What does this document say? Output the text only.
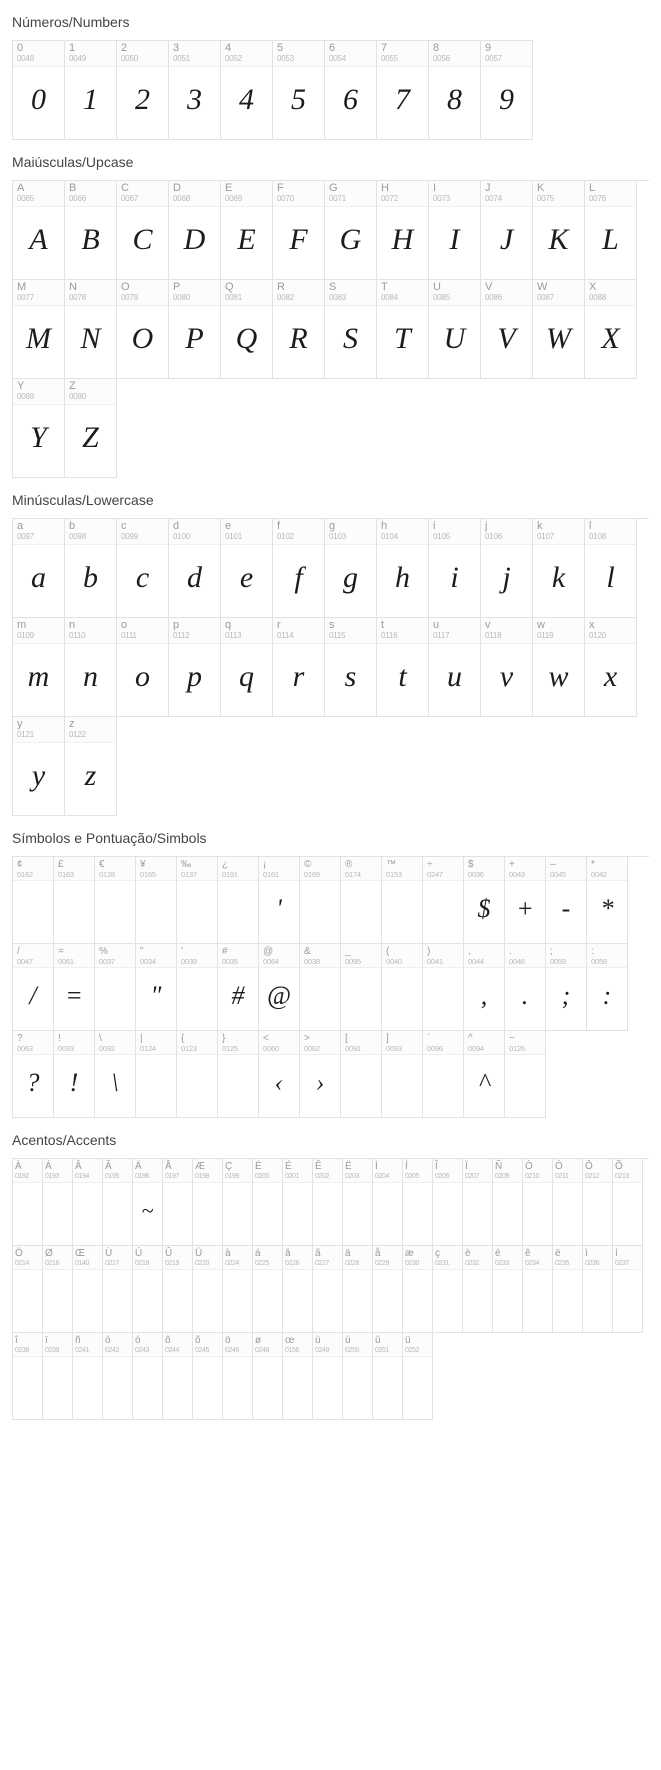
Números/Numbers
0
0048
0
1
0049
1
2
0050
2
3
0051
3
4
0052
4
5
0053
5
6
0054
6
7
0055
7
8
0056
8
9
0057
9
Maiúsculas/Upcase
A
0065
A
B
0066
B
C
0067
C
D
0068
D
E
0069
E
F
0070
F
G
0071
G
H
0072
H
I
0073
I
J
0074
J
K
0075
K
L
0076
L
M
0077
M
N
0078
N
O
0079
O
P
0080
P
Q
0081
Q
R
0082
R
S
0083
S
T
0084
T
U
0085
U
V
0086
V
W
0087
W
X
0088
X
Y
0089
Y
Z
0090
Z
Minúsculas/Lowercase
a
0097
a
b
0098
b
c
0099
c
d
0100
d
e
0101
e
f
0102
f
g
0103
g
h
0104
h
i
0105
i
j
0106
j
k
0107
k
l
0108
l
m
0109
m
n
0110
n
o
0111
o
p
0112
p
q
0113
q
r
0114
r
s
0115
s
t
0116
t
u
0117
u
v
0118
v
w
0119
w
x
0120
x
y
0121
y
z
0122
z
Símbolos e Pontuação/Simbols
¢
0162
£
0163
€
0128
¥
0165
‰
0137
¿
0191
¡
0161
'
©
0169
®
0174
™
0153
÷
0247
$
0036
$
+
0043
+
–
0045
-
*
0042
*
/
0047
/
=
0061
=
%
0037
"
0034
"
'
0039
#
0035
#
@
0064
@
&
0038
_
0095
(
0040
)
0041
,
0044
,
.
0046
.
;
0059
;
:
0058
:
?
0063
?
!
0033
!
\
0092
\
|
0124
{
0123
}
0125
<
0060
‹
>
0062
›
[
0091
]
0093
`
0096
^
0094
^
~
0126
Acentos/Accents
À
0192
Á
0193
Â
0194
Ã
0195
Ä
0196
~
Å
0197
Æ
0198
Ç
0199
È
0200
É
0201
Ê
0202
Ë
0203
Ì
0204
Í
0205
Î
0206
Ï
0207
Ñ
0209
Ò
0210
Ó
0211
Ô
0212
Õ
0213
Ö
0214
Ø
0216
Œ
0140
Ù
0217
Ú
0218
Û
0219
Ü
0220
à
0224
á
0225
â
0226
ã
0227
ä
0228
å
0229
æ
0230
ç
0231
è
0232
é
0233
ê
0234
ë
0235
ì
0236
í
0237
î
0238
ï
0239
ñ
0241
ò
0242
ó
0243
ô
0244
õ
0245
ö
0246
ø
0248
œ
0156
ù
0249
ú
0250
û
0251
ü
0252
